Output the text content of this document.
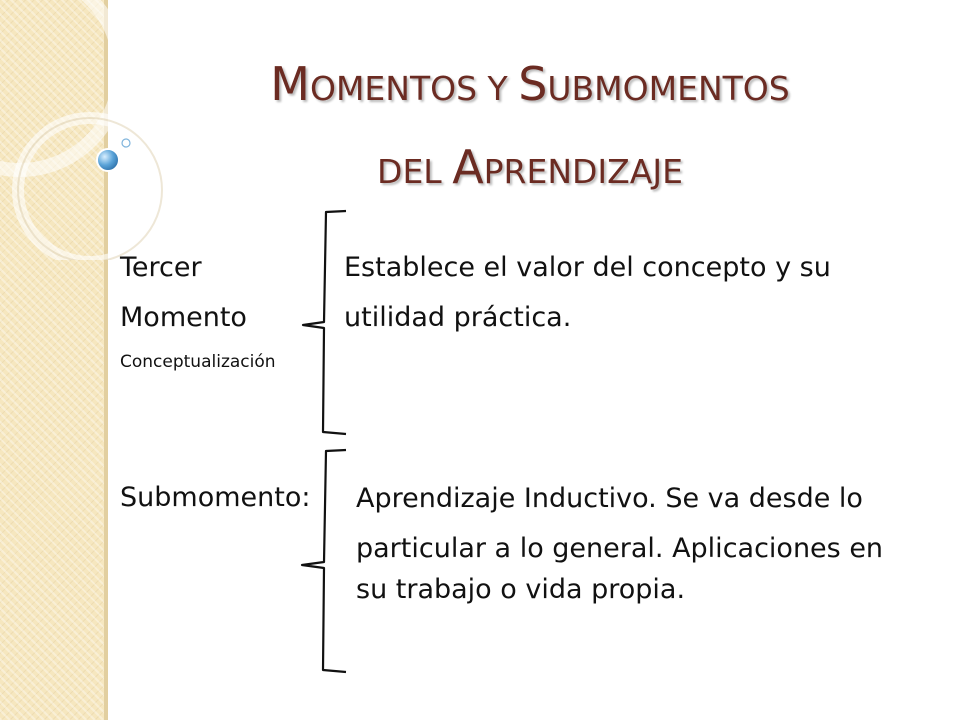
MOMENTOS Y SUBMOMENTOS
DEL APRENDIZAJE
Tercer
Momento
Conceptualización
Establece el valor del concepto y su
utilidad práctica.
Submomento: Aprendizaje Inductivo. Se va desde lo
particular a lo general. Aplicaciones en
su trabajo o vida propia.
